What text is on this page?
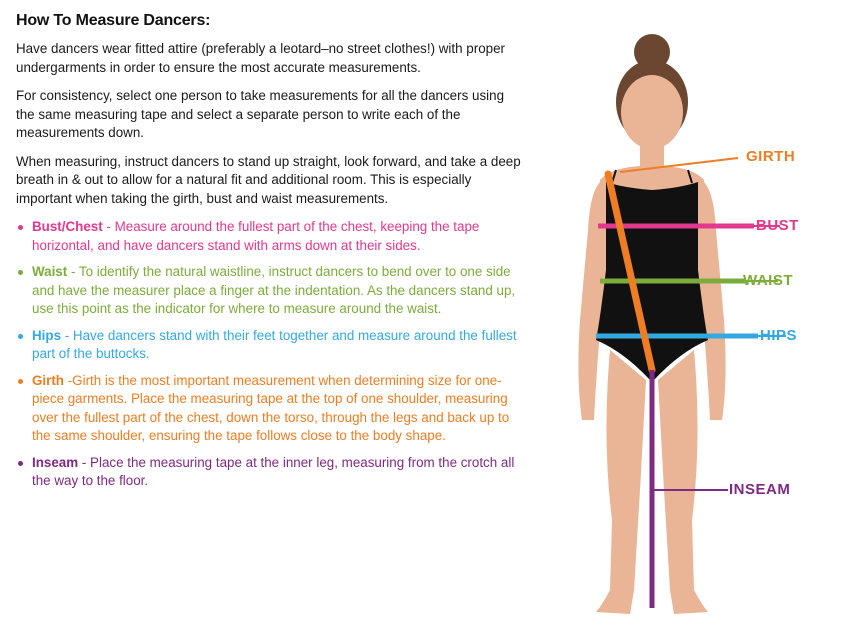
How To Measure Dancers:

Have dancers wear fitted attire (preferably a leotard–no street clothes!) with proper undergarments in order to ensure the most accurate measurements.

For consistency, select one person to take measurements for all the dancers using the same measuring tape and select a separate person to write each of the measurements down.

When measuring, instruct dancers to stand up straight, look forward, and take a deep breath in & out to allow for a natural fit and additional room. This is especially important when taking the girth, bust and waist measurements.

Bust/Chest - Measure around the fullest part of the chest, keeping the tape horizontal, and have dancers stand with arms down at their sides.
Waist - To identify the natural waistline, instruct dancers to bend over to one side and have the measurer place a finger at the indentation. As the dancers stand up, use this point as the indicator for where to measure around the waist.
Hips - Have dancers stand with their feet together and measure around the fullest part of the buttocks.
Girth -Girth is the most important measurement when determining size for one-piece garments. Place the measuring tape at the top of one shoulder, measuring over the fullest part of the chest, down the torso, through the legs and back up to the same shoulder, ensuring the tape follows close to the body shape.
Inseam - Place the measuring tape at the inner leg, measuring from the crotch all the way to the floor.
GIRTH
BUST
WAIST
HIPS
INSEAM
